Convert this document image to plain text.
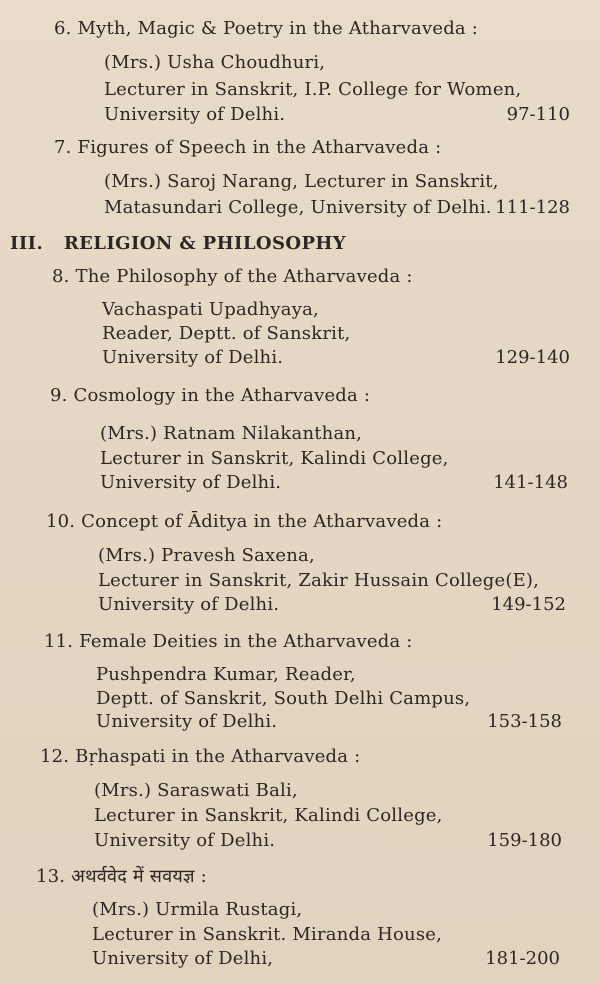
6. Myth, Magic & Poetry in the Atharvaveda :
(Mrs.) Usha Choudhuri,
Lecturer in Sanskrit, I.P. College for Women,
University of Delhi.	97-110
7. Figures of Speech in the Atharvaveda :
(Mrs.) Saroj Narang, Lecturer in Sanskrit,
Matasundari College, University of Delhi. 111-128
III. RELIGION & PHILOSOPHY
8. The Philosophy of the Atharvaveda :
Vachaspati Upadhyaya,
Reader, Deptt. of Sanskrit,
University of Delhi.	129-140
9. Cosmology in the Atharvaveda :
(Mrs.) Ratnam Nilakanthan,
Lecturer in Sanskrit, Kalindi College,
University of Delhi.	141-148
10. Concept of Āditya in the Atharvaveda :
(Mrs.) Pravesh Saxena,
Lecturer in Sanskrit, Zakir Hussain College(E),
University of Delhi.	149-152
11. Female Deities in the Atharvaveda :
Pushpendra Kumar, Reader,
Deptt. of Sanskrit, South Delhi Campus,
University of Delhi.	153-158
12. Bṛhaspati in the Atharvaveda :
(Mrs.) Saraswati Bali,
Lecturer in Sanskrit, Kalindi College,
University of Delhi.	159-180
13. अथर्ववेद में सवयज्ञ :
(Mrs.) Urmila Rustagi,
Lecturer in Sanskrit. Miranda House,
University of Delhi,	181-200
